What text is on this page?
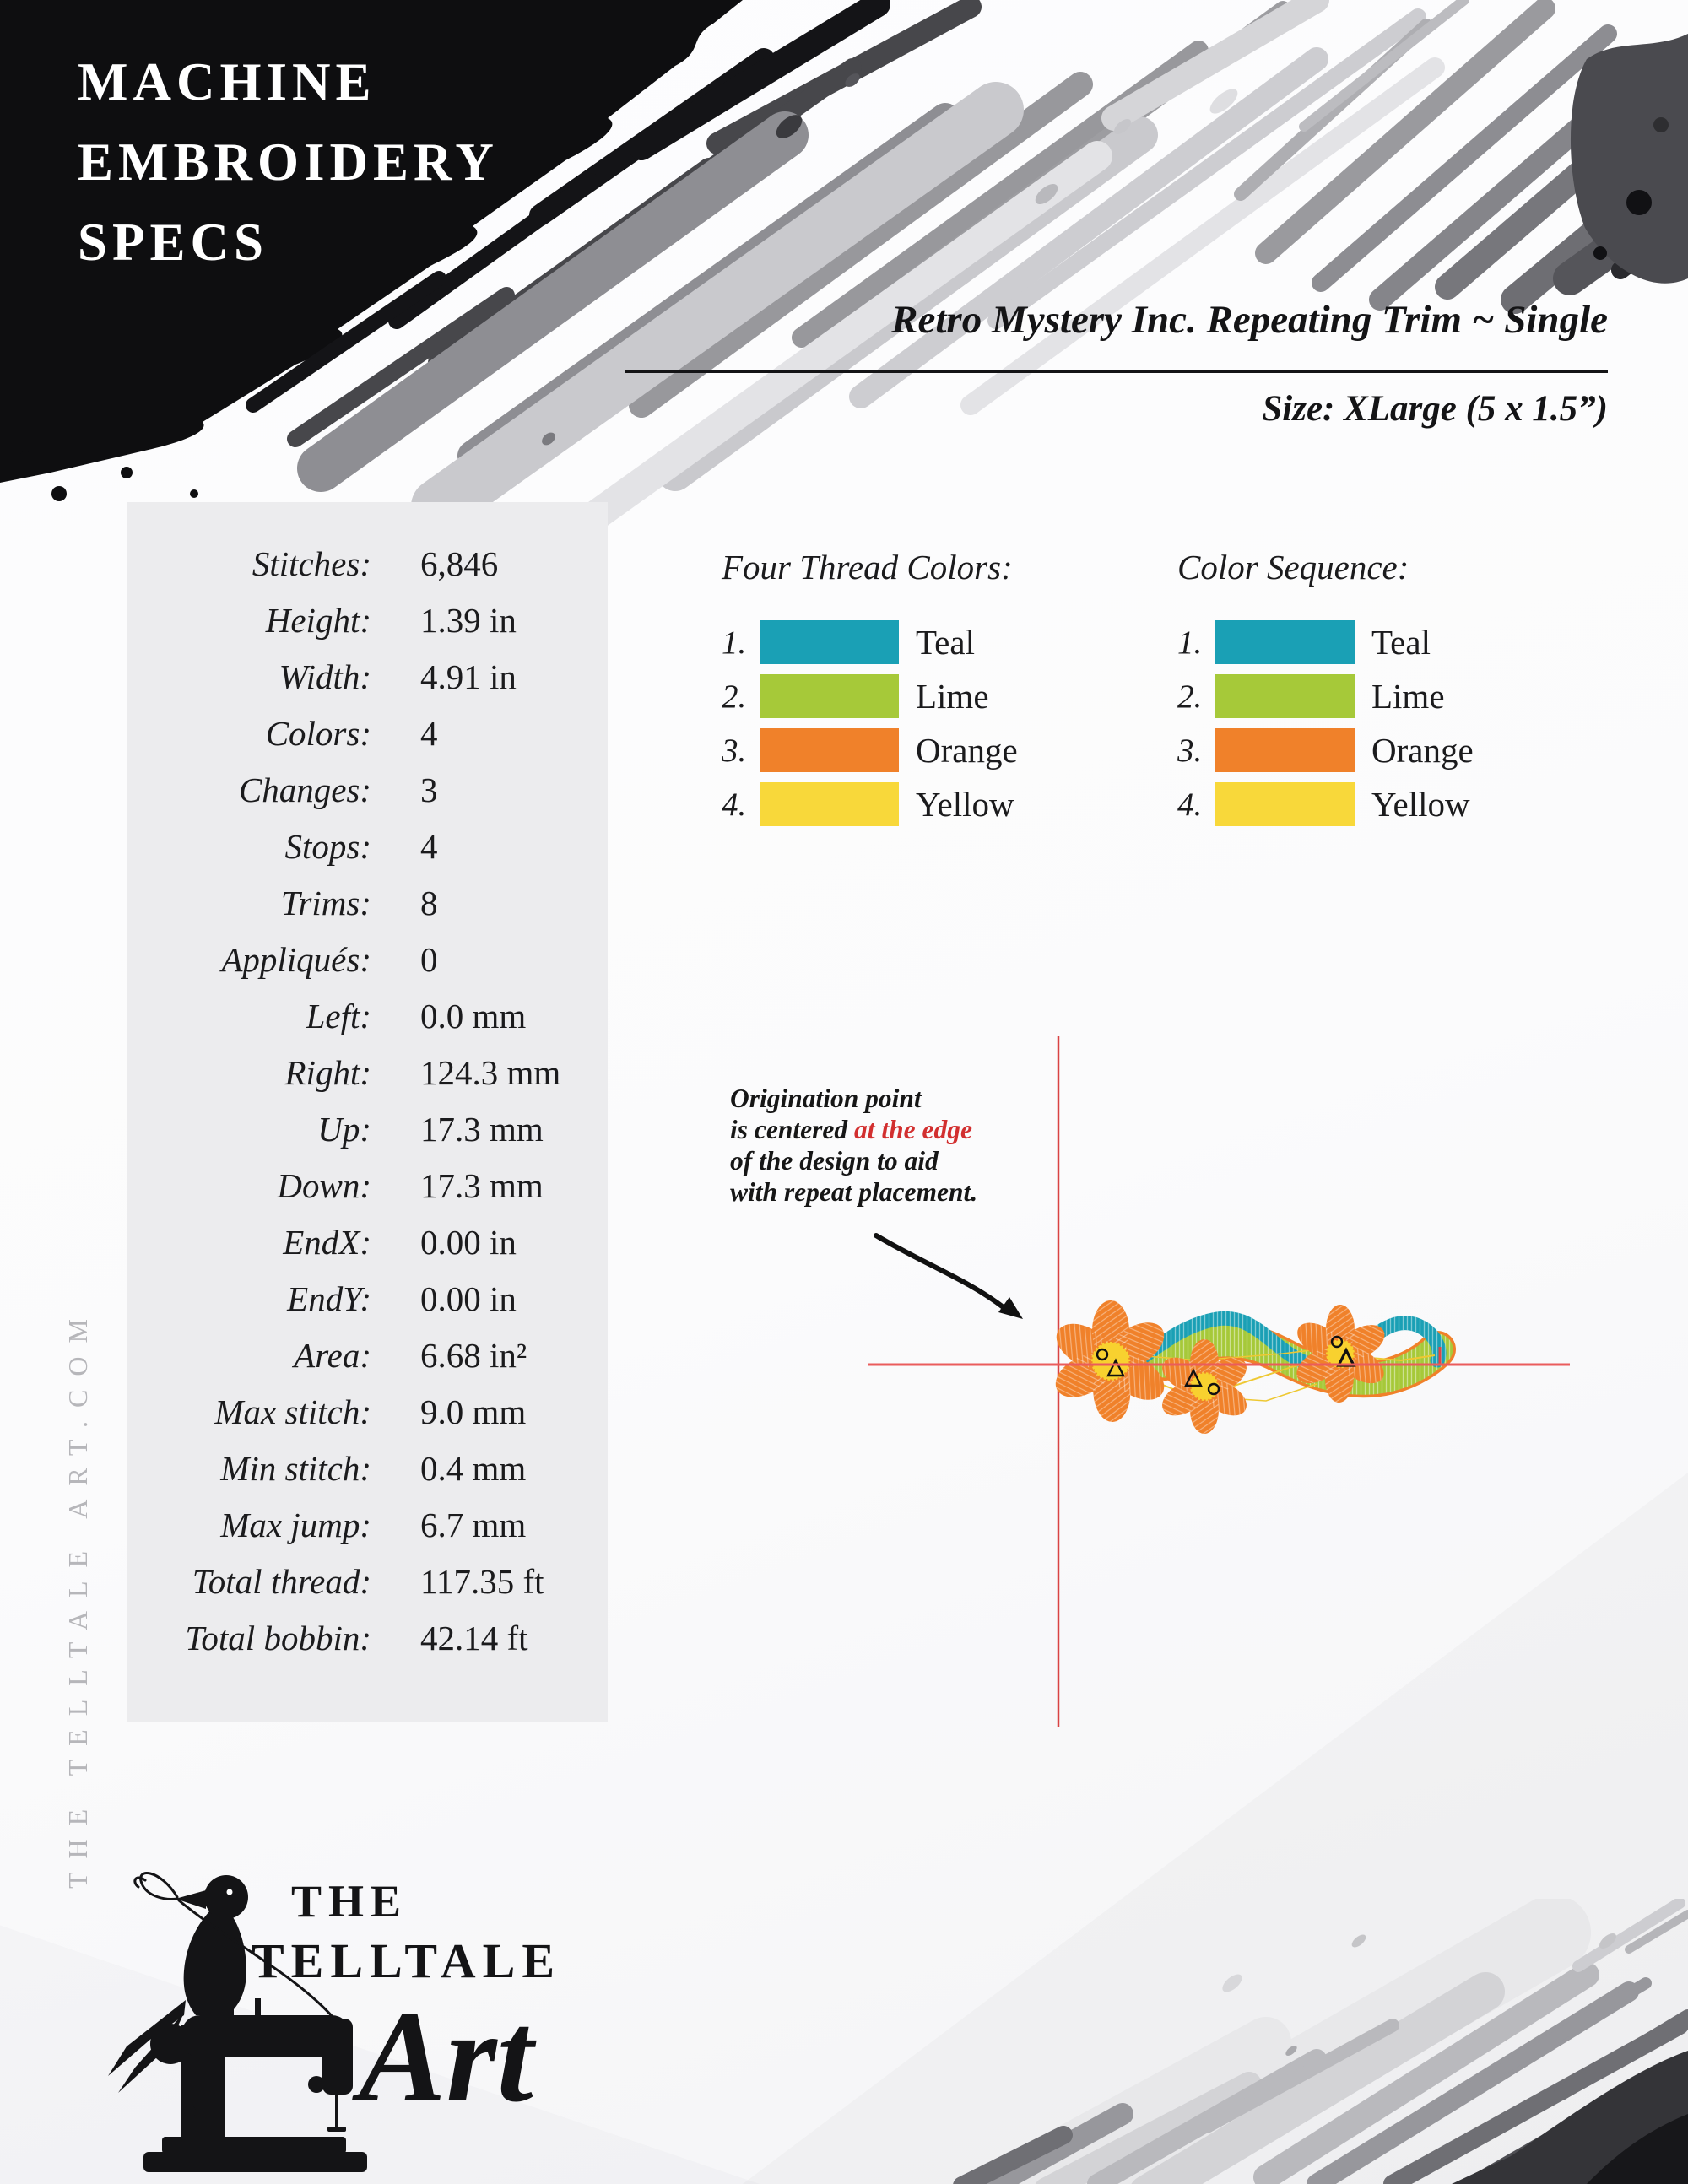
MACHINE
EMBROIDERY
SPECS
Retro Mystery Inc. Repeating Trim ~ Single
Size: XLarge (5 x 1.5”)
Stitches: 6,846
Height: 1.39 in
Width: 4.91 in
Colors: 4
Changes: 3
Stops: 4
Trims: 8
Appliqués: 0
Left: 0.0 mm
Right: 124.3 mm
Up: 17.3 mm
Down: 17.3 mm
EndX: 0.00 in
EndY: 0.00 in
Area: 6.68 in²
Max stitch: 9.0 mm
Min stitch: 0.4 mm
Max jump: 6.7 mm
Total thread: 117.35 ft
Total bobbin: 42.14 ft
Four Thread Colors:
1.	Teal
2.	Lime
3.	Orange
4.	Yellow
Color Sequence:
1.	Teal
2.	Lime
3.	Orange
4.	Yellow
Origination point
is centered at the edge
of the design to aid
with repeat placement.
THE TELLTALE ART.COM
THE
TELLTALE
Art
